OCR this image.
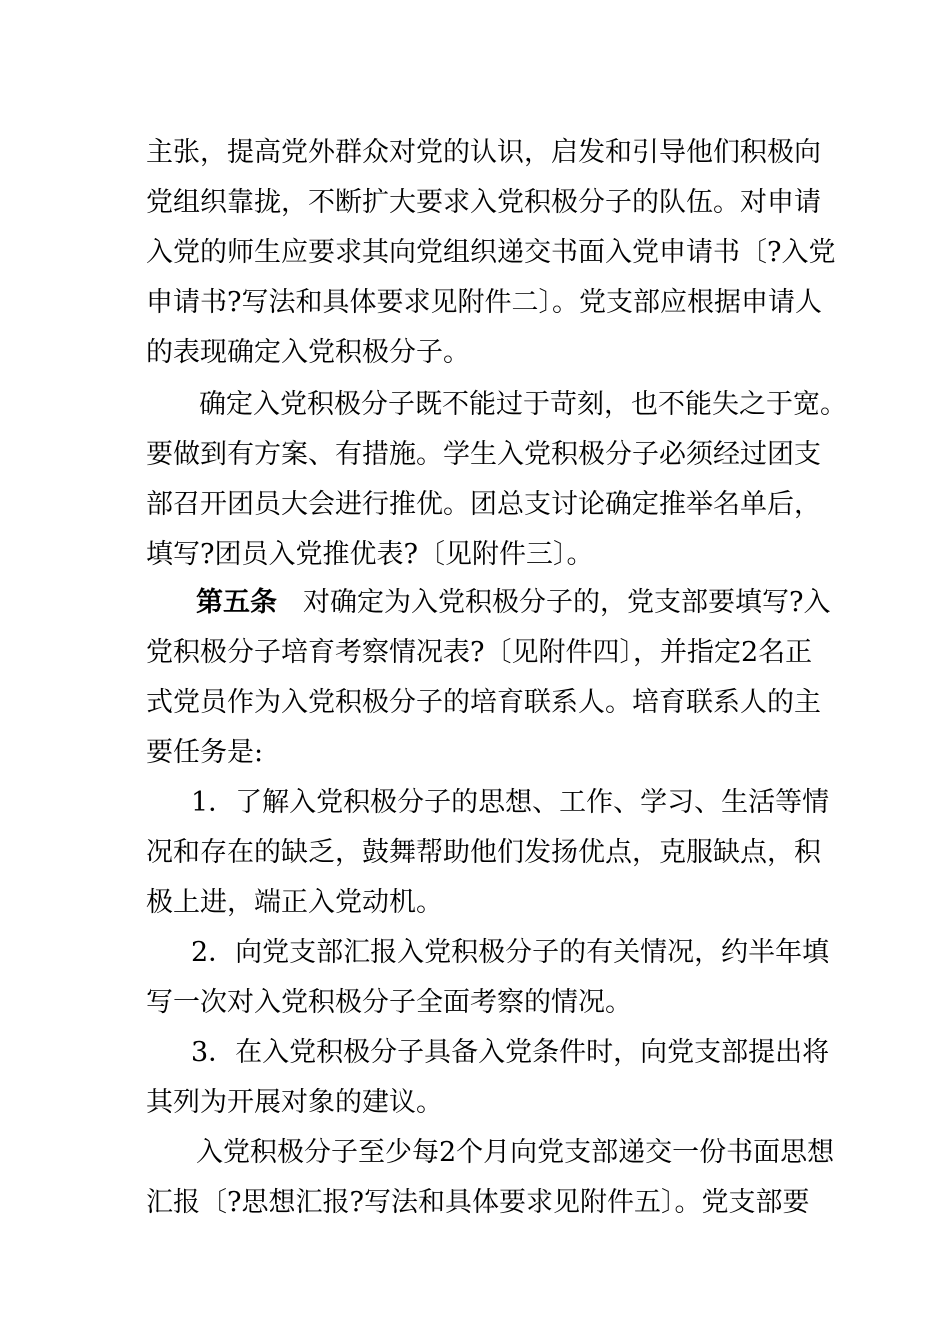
主张，提高党外群众对党的认识，启发和引导他们积极向
党组织靠拢，不断扩大要求入党积极分子的队伍。对申请
入党的师生应要求其向党组织递交书面入党申请书〔?入党
申请书?写法和具体要求见附件二〕。党支部应根据申请人
的表现确定入党积极分子。
确定入党积极分子既不能过于苛刻，也不能失之于宽。
要做到有方案、有措施。学生入党积极分子必须经过团支
部召开团员大会进行推优。团总支讨论确定推举名单后，
填写?团员入党推优表?〔见附件三〕。
第五条 对确定为入党积极分子的，党支部要填写?入
党积极分子培育考察情况表?〔见附件四〕，并指定2名正
式党员作为入党积极分子的培育联系人。培育联系人的主
要任务是:
1．了解入党积极分子的思想、工作、学习、生活等情
况和存在的缺乏，鼓舞帮助他们发扬优点，克服缺点，积
极上进，端正入党动机。
2．向党支部汇报入党积极分子的有关情况，约半年填
写一次对入党积极分子全面考察的情况。
3．在入党积极分子具备入党条件时，向党支部提出将
其列为开展对象的建议。
入党积极分子至少每2个月向党支部递交一份书面思想
汇报〔?思想汇报?写法和具体要求见附件五〕。党支部要
